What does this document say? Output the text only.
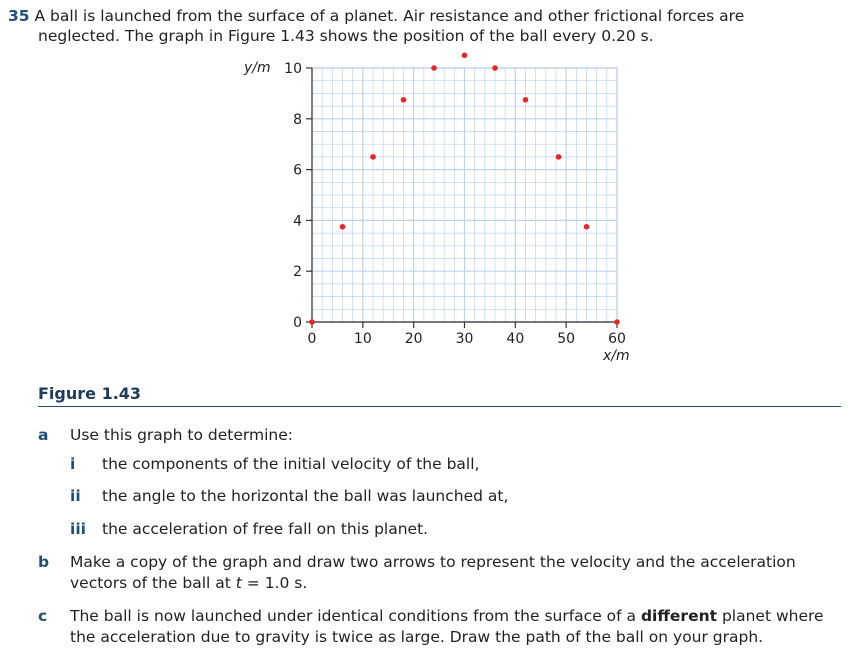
35 A ball is launched from the surface of a planet. Air resistance and other frictional forces are
neglected. The graph in Figure 1.43 shows the position of the ball every 0.20 s.
0
2
4
6
8
10
0	10 20 30 40 50 60
y/m
x/m
Figure 1.43
a Use this graph to determine:
i the components of the initial velocity of the ball,
ii the angle to the horizontal the ball was launched at,
iii the acceleration of free fall on this planet.
b Make a copy of the graph and draw two arrows to represent the velocity and the acceleration
vectors of the ball at t = 1.0 s.
c The ball is now launched under identical conditions from the surface of a different planet where
the acceleration due to gravity is twice as large. Draw the path of the ball on your graph.
